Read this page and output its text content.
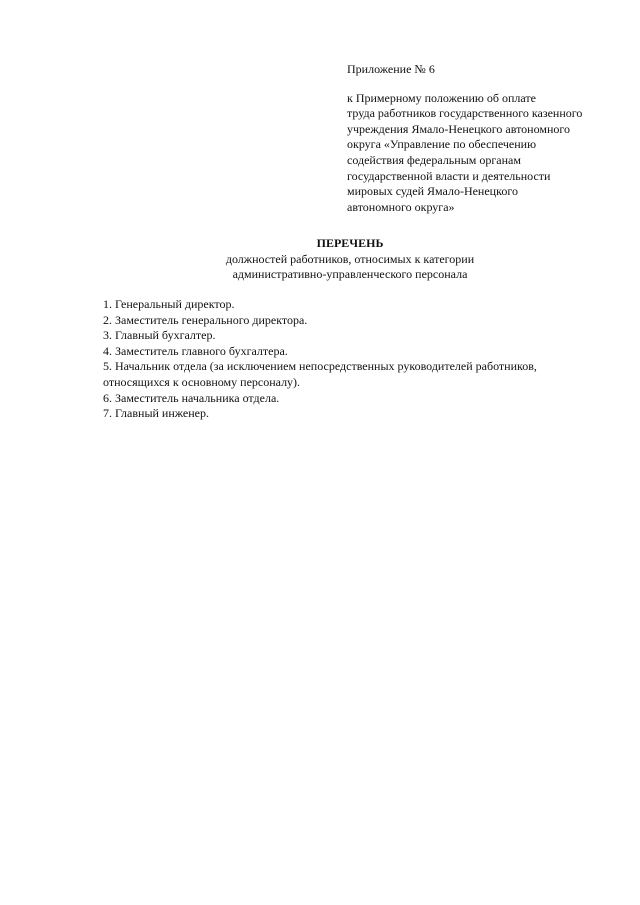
Приложение № 6
к Примерному положению об оплате
труда работников государственного казенного
учреждения Ямало-Ненецкого автономного
округа «Управление по обеспечению
содействия федеральным органам
государственной власти и деятельности
мировых судей Ямало-Ненецкого
автономного округа»
ПЕРЕЧЕНЬ
должностей работников, относимых к категории
административно-управленческого персонала
1. Генеральный директор.
2. Заместитель генерального директора.
3. Главный бухгалтер.
4. Заместитель главного бухгалтера.
5. Начальник отдела (за исключением непосредственных руководителей работников,
относящихся к основному персоналу).
6. Заместитель начальника отдела.
7. Главный инженер.
